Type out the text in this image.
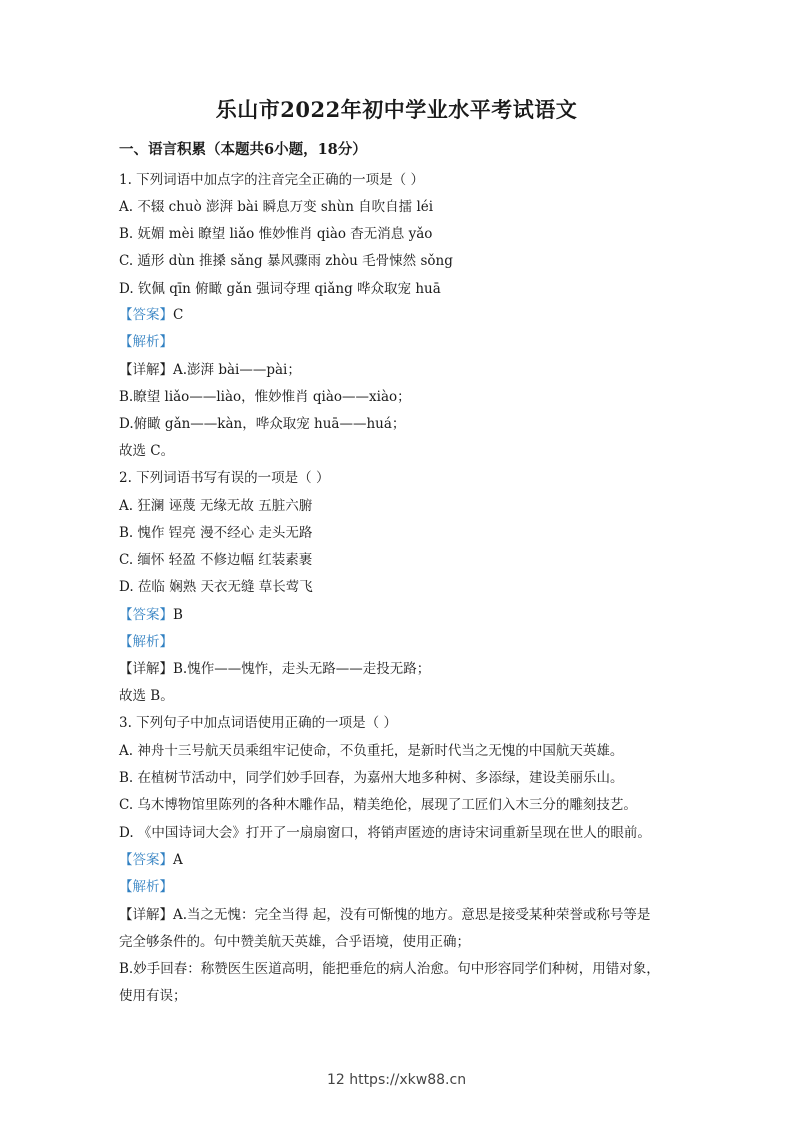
乐山市2022年初中学业水平考试语文
一、语言积累（本题共6小题，18分）
1. 下列词语中加点字的注音完全正确的一项是（ ）
A. 不辍 chuò 澎湃 bài 瞬息万变 shùn 自吹自擂 léi
B. 妩媚 mèi 瞭望 liǎo 惟妙惟肖 qiào 杳无消息 yǎo
C. 遁形 dùn 推搡 sǎng 暴风骤雨 zhòu 毛骨悚然 sǒng
D. 钦佩 qīn 俯瞰 gǎn 强词夺理 qiǎng 哗众取宠 huā
【答案】C
【解析】
【详解】A.澎湃 bài——pài；
B.瞭望 liǎo——liào，惟妙惟肖 qiào——xiào；
D.俯瞰 gǎn——kàn，哗众取宠 huā——huá；
故选 C。
2. 下列词语书写有误的一项是（ ）
A. 狂澜 诬蔑 无缘无故 五脏六腑
B. 愧作 锃亮 漫不经心 走头无路
C. 缅怀 轻盈 不修边幅 红装素裹
D. 莅临 娴熟 天衣无缝 草长莺飞
【答案】B
【解析】
【详解】B.愧作——愧怍，走头无路——走投无路；
故选 B。
3. 下列句子中加点词语使用正确的一项是（ ）
A. 神舟十三号航天员乘组牢记使命，不负重托，是新时代当之无愧的中国航天英雄。
B. 在植树节活动中，同学们妙手回春，为嘉州大地多种树、多添绿，建设美丽乐山。
C. 乌木博物馆里陈列的各种木雕作品，精美绝伦，展现了工匠们入木三分的雕刻技艺。
D. 《中国诗词大会》打开了一扇扇窗口，将销声匿迹的唐诗宋词重新呈现在世人的眼前。
【答案】A
【解析】
【详解】A.当之无愧：完全当得 起，没有可惭愧的地方。意思是接受某种荣誉或称号等是
完全够条件的。句中赞美航天英雄，合乎语境，使用正确；
B.妙手回春：称赞医生医道高明，能把垂危的病人治愈。句中形容同学们种树，用错对象，
使用有误；
12 https://xkw88.cn
